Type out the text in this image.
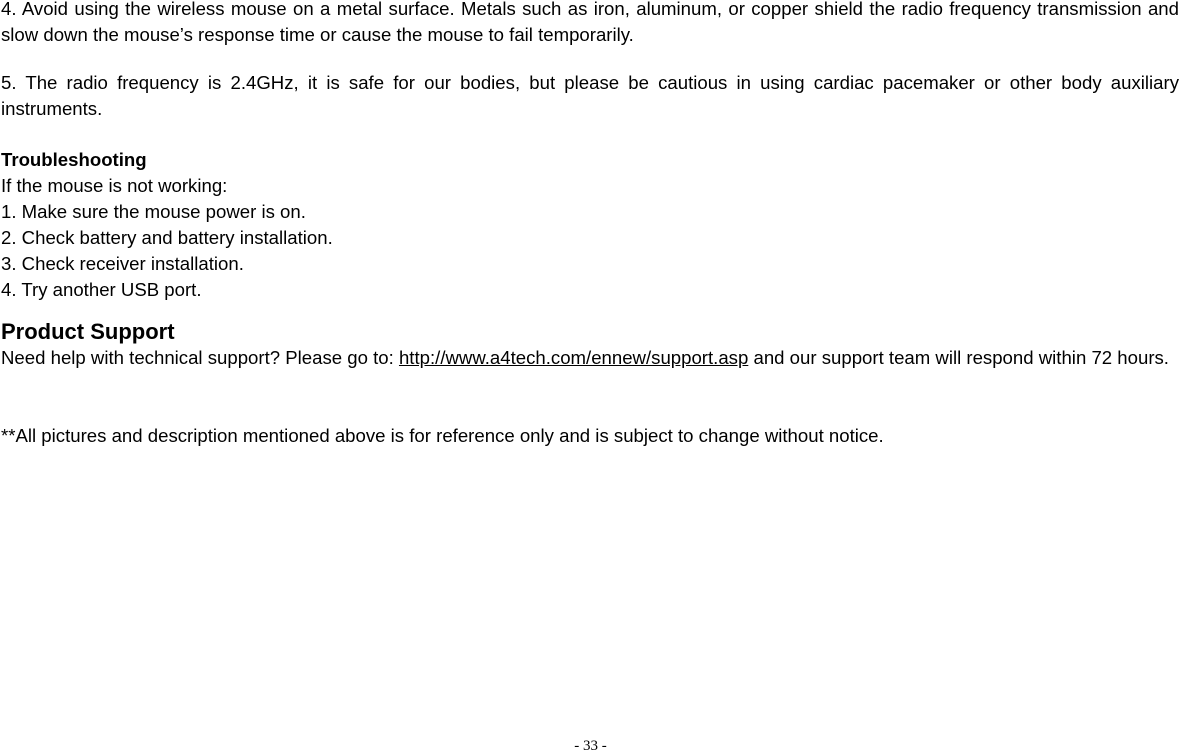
4. Avoid using the wireless mouse on a metal surface. Metals such as iron, aluminum, or copper shield the radio frequency transmission and slow down the mouse’s response time or cause the mouse to fail temporarily.
5. The radio frequency is 2.4GHz, it is safe for our bodies, but please be cautious in using cardiac pacemaker or other body auxiliary instruments.
Troubleshooting
If the mouse is not working:
1. Make sure the mouse power is on.
2. Check battery and battery installation.
3. Check receiver installation.
4. Try another USB port.
Product Support
Need help with technical support? Please go to: http://www.a4tech.com/ennew/support.asp and our support team will respond within 72 hours.
**All pictures and description mentioned above is for reference only and is subject to change without notice.
- 33 -
